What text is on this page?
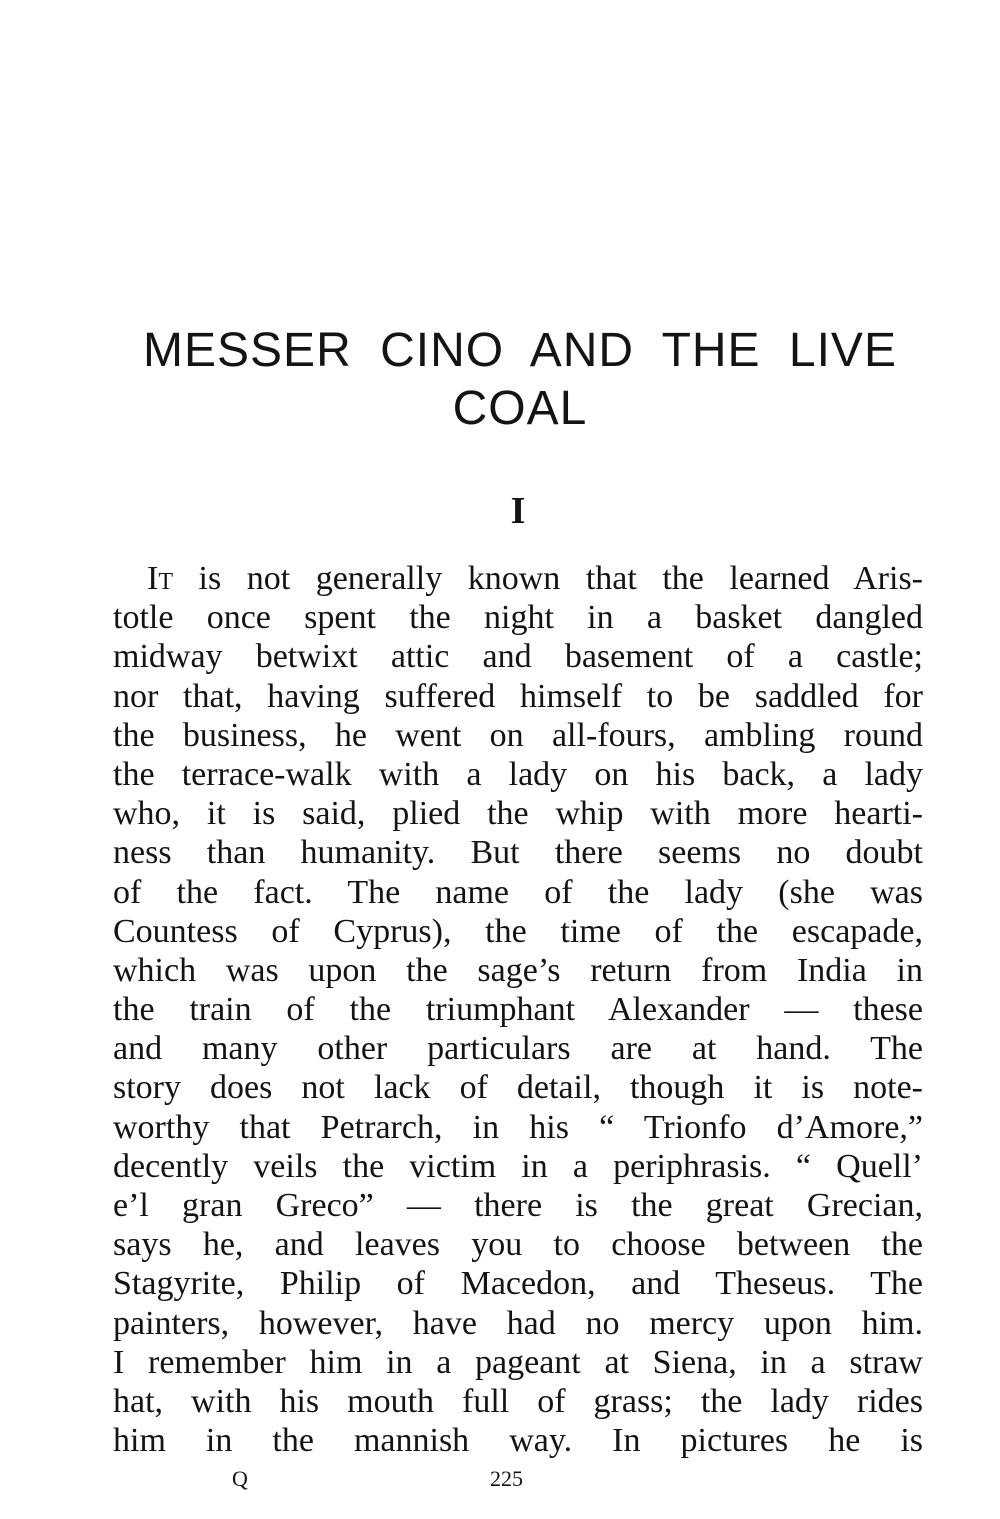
MESSER CINO AND THE LIVE
COAL
I
It is not generally known that the learned Aris-
totle once spent the night in a basket dangled
midway betwixt attic and basement of a castle;
nor that, having suffered himself to be saddled for
the business, he went on all-fours, ambling round
the terrace-walk with a lady on his back, a lady
who, it is said, plied the whip with more hearti-
ness than humanity. But there seems no doubt
of the fact. The name of the lady (she was
Countess of Cyprus), the time of the escapade,
which was upon the sage’s return from India in
the train of the triumphant Alexander — these
and many other particulars are at hand. The
story does not lack of detail, though it is note-
worthy that Petrarch, in his “ Trionfo d’Amore,”
decently veils the victim in a periphrasis. “ Quell’
e’l gran Greco” — there is the great Grecian,
says he, and leaves you to choose between the
Stagyrite, Philip of Macedon, and Theseus. The
painters, however, have had no mercy upon him.
I remember him in a pageant at Siena, in a straw
hat, with his mouth full of grass; the lady rides
him in the mannish way. In pictures he is
Q	225
